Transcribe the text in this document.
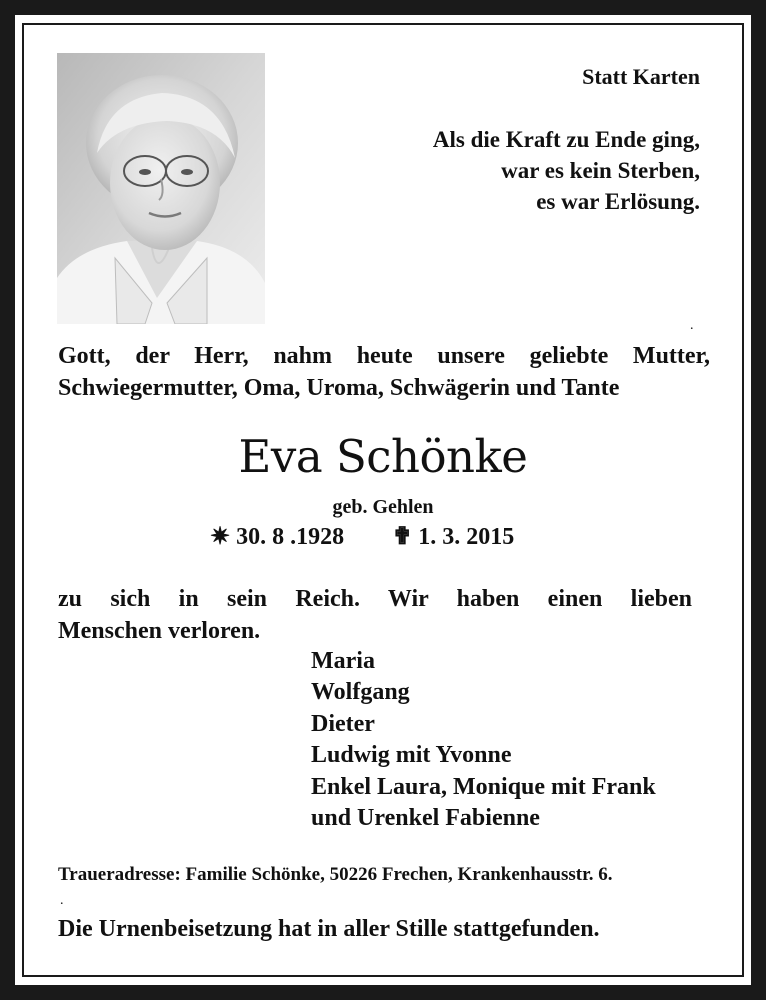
Statt Karten
Als die Kraft zu Ende ging,
war es kein Sterben,
es war Erlösung.
.
Gott, der Herr, nahm heute unsere geliebte Mutter,
Schwiegermutter, Oma, Uroma, Schwägerin und Tante
Eva Schönke
geb. Gehlen
✷ 30. 8 .1928 ✟ 1. 3. 2015
zu sich in sein Reich. Wir haben einen lieben
Menschen verloren.
Maria
Wolfgang
Dieter
Ludwig mit Yvonne
Enkel Laura, Monique mit Frank
und Urenkel Fabienne
Traueradresse: Familie Schönke, 50226 Frechen, Krankenhausstr. 6.
.
Die Urnenbeisetzung hat in aller Stille stattgefunden.
